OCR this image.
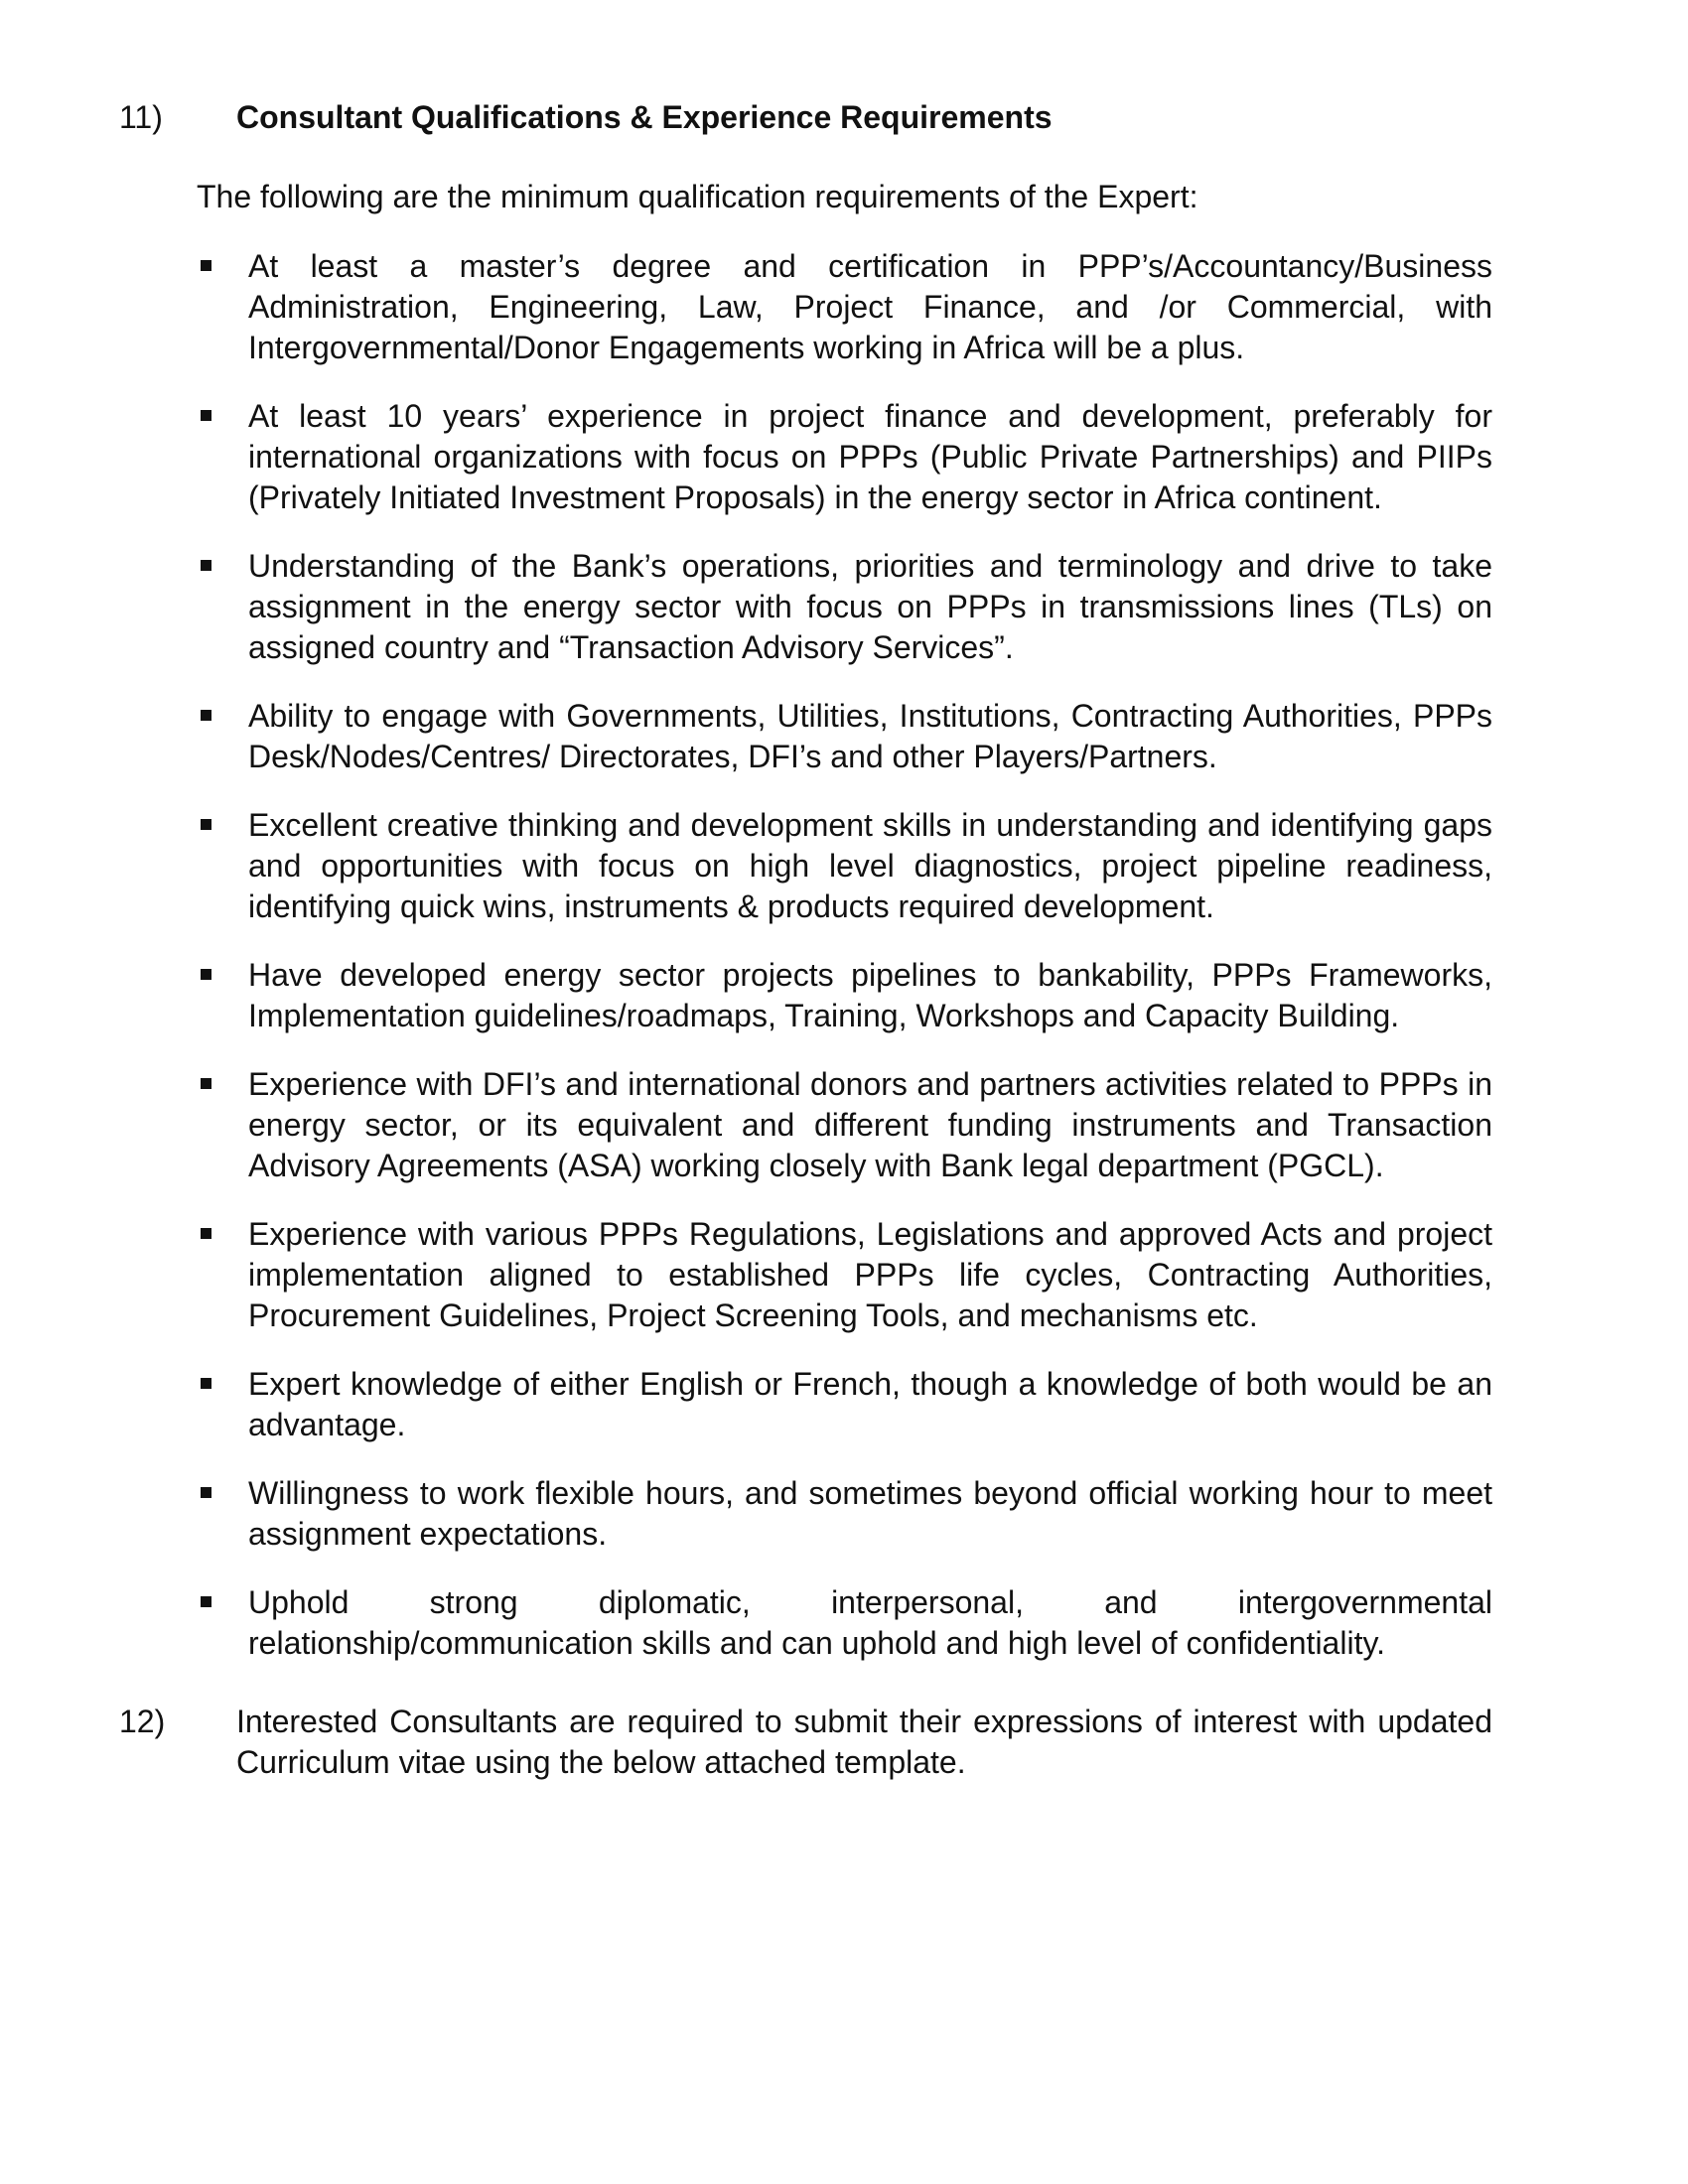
11) Consultant Qualifications & Experience Requirements
The following are the minimum qualification requirements of the Expert:
At least a master’s degree and certification in PPP’s/Accountancy/Business Administration, Engineering, Law, Project Finance, and /or Commercial, with Intergovernmental/Donor Engagements working in Africa will be a plus.
At least 10 years’ experience in project finance and development, preferably for international organizations with focus on PPPs (Public Private Partnerships) and PIIPs (Privately Initiated Investment Proposals) in the energy sector in Africa continent.
Understanding of the Bank’s operations, priorities and terminology and drive to take assignment in the energy sector with focus on PPPs in transmissions lines (TLs) on assigned country and “Transaction Advisory Services”.
Ability to engage with Governments, Utilities, Institutions, Contracting Authorities, PPPs Desk/Nodes/Centres/ Directorates, DFI’s and other Players/Partners.
Excellent creative thinking and development skills in understanding and identifying gaps and opportunities with focus on high level diagnostics, project pipeline readiness, identifying quick wins, instruments & products required development.
Have developed energy sector projects pipelines to bankability, PPPs Frameworks, Implementation guidelines/roadmaps, Training, Workshops and Capacity Building.
Experience with DFI’s and international donors and partners activities related to PPPs in energy sector, or its equivalent and different funding instruments and Transaction Advisory Agreements (ASA) working closely with Bank legal department (PGCL).
Experience with various PPPs Regulations, Legislations and approved Acts and project implementation aligned to established PPPs life cycles, Contracting Authorities, Procurement Guidelines, Project Screening Tools, and mechanisms etc.
Expert knowledge of either English or French, though a knowledge of both would be an advantage.
Willingness to work flexible hours, and sometimes beyond official working hour to meet assignment expectations.
Uphold strong diplomatic, interpersonal, and intergovernmental relationship/communication skills and can uphold and high level of confidentiality.
12) Interested Consultants are required to submit their expressions of interest with updated Curriculum vitae using the below attached template.
